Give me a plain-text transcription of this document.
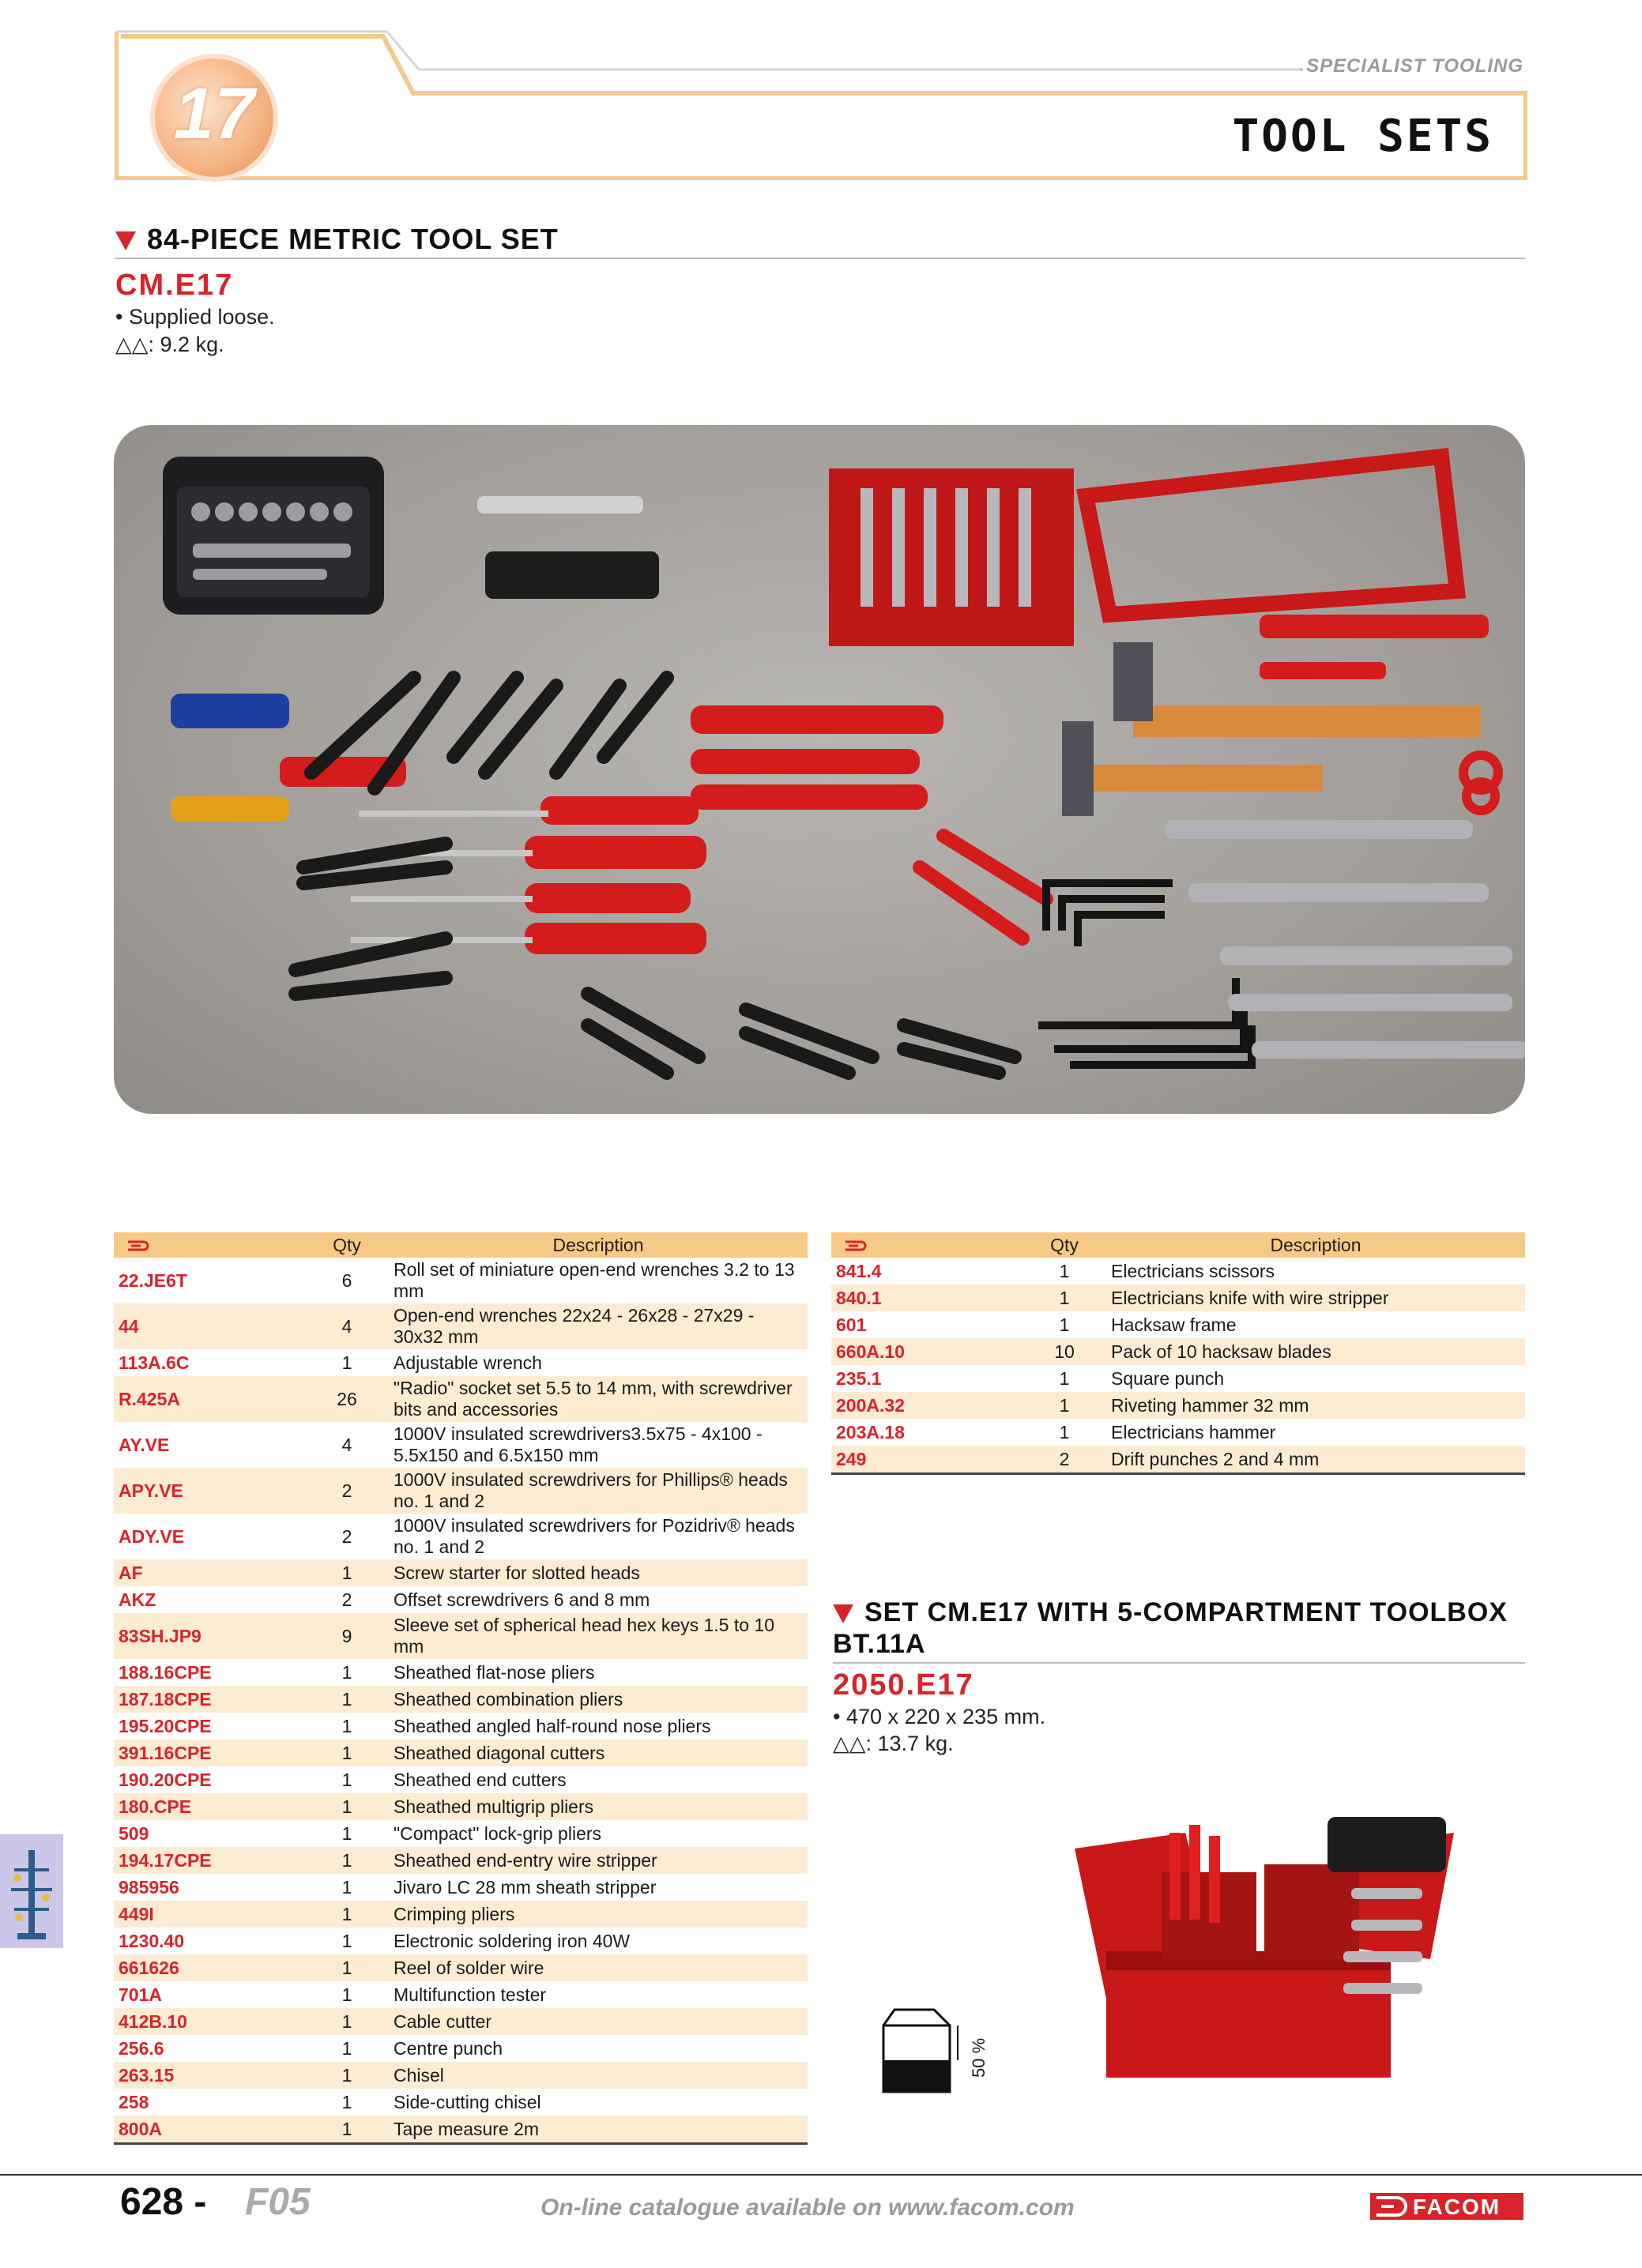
17
SPECIALIST TOOLING
TOOL SETS
84-PIECE METRIC TOOL SET
CM.E17
• Supplied loose.
△△: 9.2 kg.
	Qty	Description
22.JE6T	6	Roll set of miniature open-end wrenches 3.2 to 13 mm
44	4	Open-end wrenches 22x24 - 26x28 - 27x29 - 30x32 mm
113A.6C	1	Adjustable wrench
R.425A	26	"Radio" socket set 5.5 to 14 mm, with screwdriver bits and accessories
AY.VE	4	1000V insulated screwdrivers3.5x75 - 4x100 - 5.5x150 and 6.5x150 mm
APY.VE	2	1000V insulated screwdrivers for Phillips® heads no. 1 and 2
ADY.VE	2	1000V insulated screwdrivers for Pozidriv® heads no. 1 and 2
AF	1	Screw starter for slotted heads
AKZ	2	Offset screwdrivers 6 and 8 mm
83SH.JP9	9	Sleeve set of spherical head hex keys 1.5 to 10 mm
188.16CPE	1	Sheathed flat-nose pliers
187.18CPE	1	Sheathed combination pliers
195.20CPE	1	Sheathed angled half-round nose pliers
391.16CPE	1	Sheathed diagonal cutters
190.20CPE	1	Sheathed end cutters
180.CPE	1	Sheathed multigrip pliers
509	1	"Compact" lock-grip pliers
194.17CPE	1	Sheathed end-entry wire stripper
985956	1	Jivaro LC 28 mm sheath stripper
449I	1	Crimping pliers
1230.40	1	Electronic soldering iron 40W
661626	1	Reel of solder wire
701A	1	Multifunction tester
412B.10	1	Cable cutter
256.6	1	Centre punch
263.15	1	Chisel
258	1	Side-cutting chisel
800A	1	Tape measure 2m
	Qty	Description
841.4	1	Electricians scissors
840.1	1	Electricians knife with wire stripper
601	1	Hacksaw frame
660A.10	10	Pack of 10 hacksaw blades
235.1	1	Square punch
200A.32	1	Riveting hammer 32 mm
203A.18	1	Electricians hammer
249	2	Drift punches 2 and 4 mm
SET CM.E17 WITH 5-COMPARTMENT TOOLBOX
BT.11A
2050.E17
• 470 x 220 x 235 mm.
△△: 13.7 kg.
50 %
628 - F05	On-line catalogue available on www.facom.com	FACOM
